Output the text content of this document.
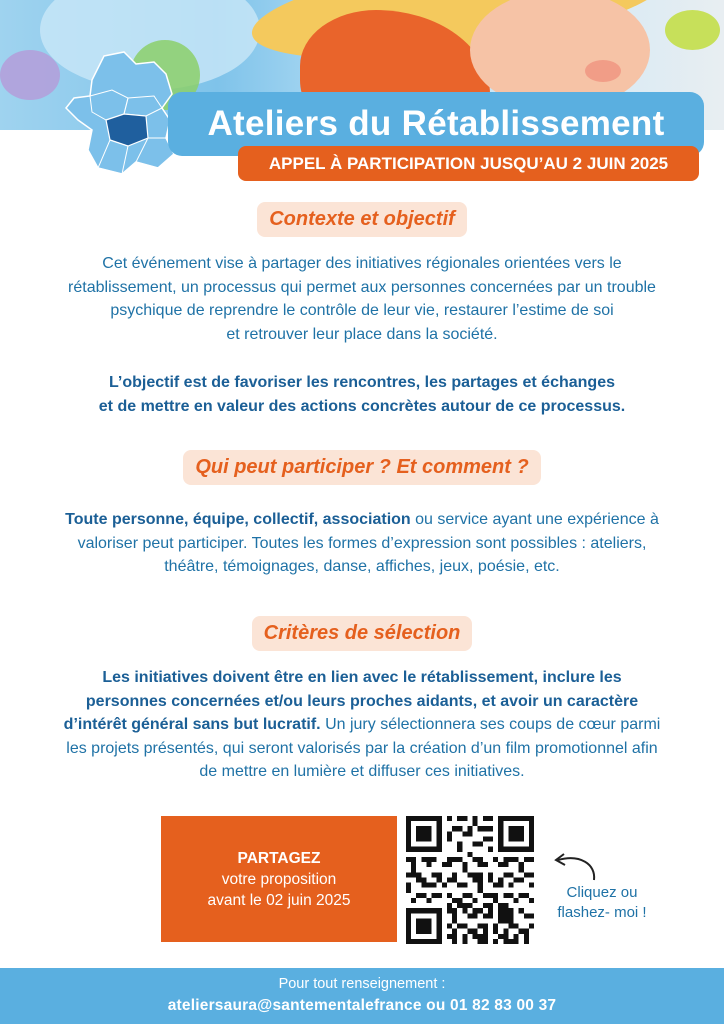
Ateliers du Rétablissement
APPEL À PARTICIPATION JUSQU’AU 2 JUIN 2025
Contexte et objectif

Cet événement vise à partager des initiatives régionales orientées vers le
rétablissement, un processus qui permet aux personnes concernées par un trouble
psychique de reprendre le contrôle de leur vie, restaurer l’estime de soi
et retrouver leur place dans la société.

L’objectif est de favoriser les rencontres, les partages et échanges
et de mettre en valeur des actions concrètes autour de ce processus.

Qui peut participer ? Et comment ?

Toute personne, équipe, collectif, association ou service ayant une expérience à
valoriser peut participer. Toutes les formes d’expression sont possibles : ateliers,
théâtre, témoignages, danse, affiches, jeux, poésie, etc.

Critères de sélection

Les initiatives doivent être en lien avec le rétablissement, inclure les
personnes concernées et/ou leurs proches aidants, et avoir un caractère
d’intérêt général sans but lucratif. Un jury sélectionnera ses coups de cœur parmi
les projets présentés, qui seront valorisés par la création d’un film promotionnel afin
de mettre en lumière et diffuser ces initiatives.

PARTAGEZ
votre proposition
avant le 02 juin 2025	Cliquez ou
flashez- moi !
Pour tout renseignement :
ateliersaura@santementalefrance ou 01 82 83 00 37
